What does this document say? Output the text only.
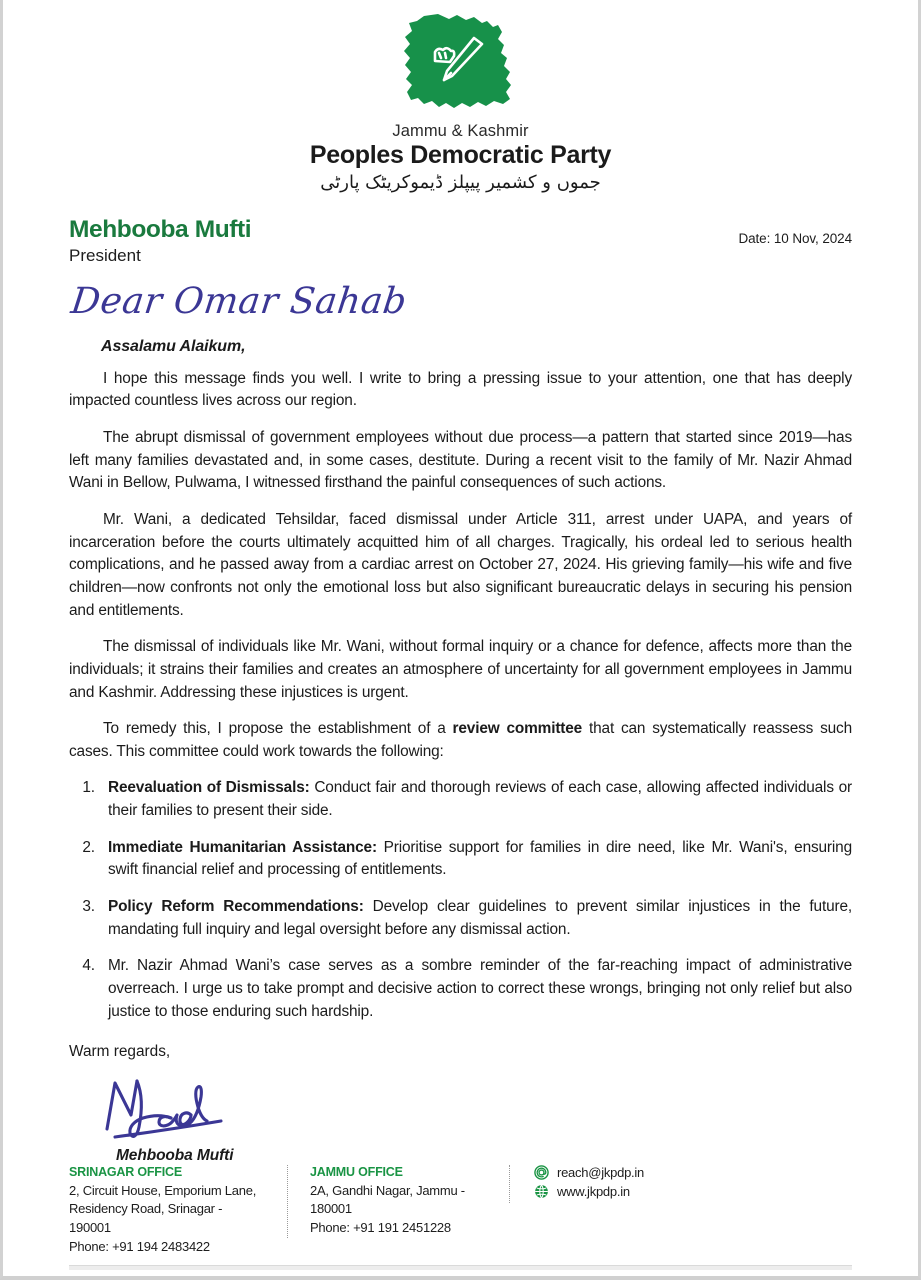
Jammu & Kashmir
Peoples Democratic Party
جموں و کشمیر پیپلز ڈیموکریٹک پارٹی
Mehbooba Mufti
President
Date: 10 Nov, 2024
Dear Omar Sahab
Assalamu Alaikum,

I hope this message finds you well. I write to bring a pressing issue to your attention, one that has deeply impacted countless lives across our region.

The abrupt dismissal of government employees without due process—a pattern that started since 2019—has left many families devastated and, in some cases, destitute. During a recent visit to the family of Mr. Nazir Ahmad Wani in Bellow, Pulwama, I witnessed firsthand the painful consequences of such actions.

Mr. Wani, a dedicated Tehsildar, faced dismissal under Article 311, arrest under UAPA, and years of incarceration before the courts ultimately acquitted him of all charges. Tragically, his ordeal led to serious health complications, and he passed away from a cardiac arrest on October 27, 2024. His grieving family—his wife and five children—now confronts not only the emotional loss but also significant bureaucratic delays in securing his pension and entitlements.

The dismissal of individuals like Mr. Wani, without formal inquiry or a chance for defence, affects more than the individuals; it strains their families and creates an atmosphere of uncertainty for all government employees in Jammu and Kashmir. Addressing these injustices is urgent.

To remedy this, I propose the establishment of a review committee that can systematically reassess such cases. This committee could work towards the following:

1. Reevaluation of Dismissals: Conduct fair and thorough reviews of each case, allowing affected individuals or their families to present their side.
2. Immediate Humanitarian Assistance: Prioritise support for families in dire need, like Mr. Wani's, ensuring swift financial relief and processing of entitlements.
3. Policy Reform Recommendations: Develop clear guidelines to prevent similar injustices in the future, mandating full inquiry and legal oversight before any dismissal action.
4. Mr. Nazir Ahmad Wani’s case serves as a sombre reminder of the far-reaching impact of administrative overreach. I urge us to take prompt and decisive action to correct these wrongs, bringing not only relief but also justice to those enduring such hardship.
Warm regards,
Mehbooba Mufti
SRINAGAR OFFICE
2, Circuit House, Emporium Lane,
Residency Road, Srinagar - 190001
Phone: +91 194 2483422
JAMMU OFFICE
2A, Gandhi Nagar, Jammu - 180001
Phone: +91 191 2451228
reach@jkpdp.in
www.jkpdp.in
